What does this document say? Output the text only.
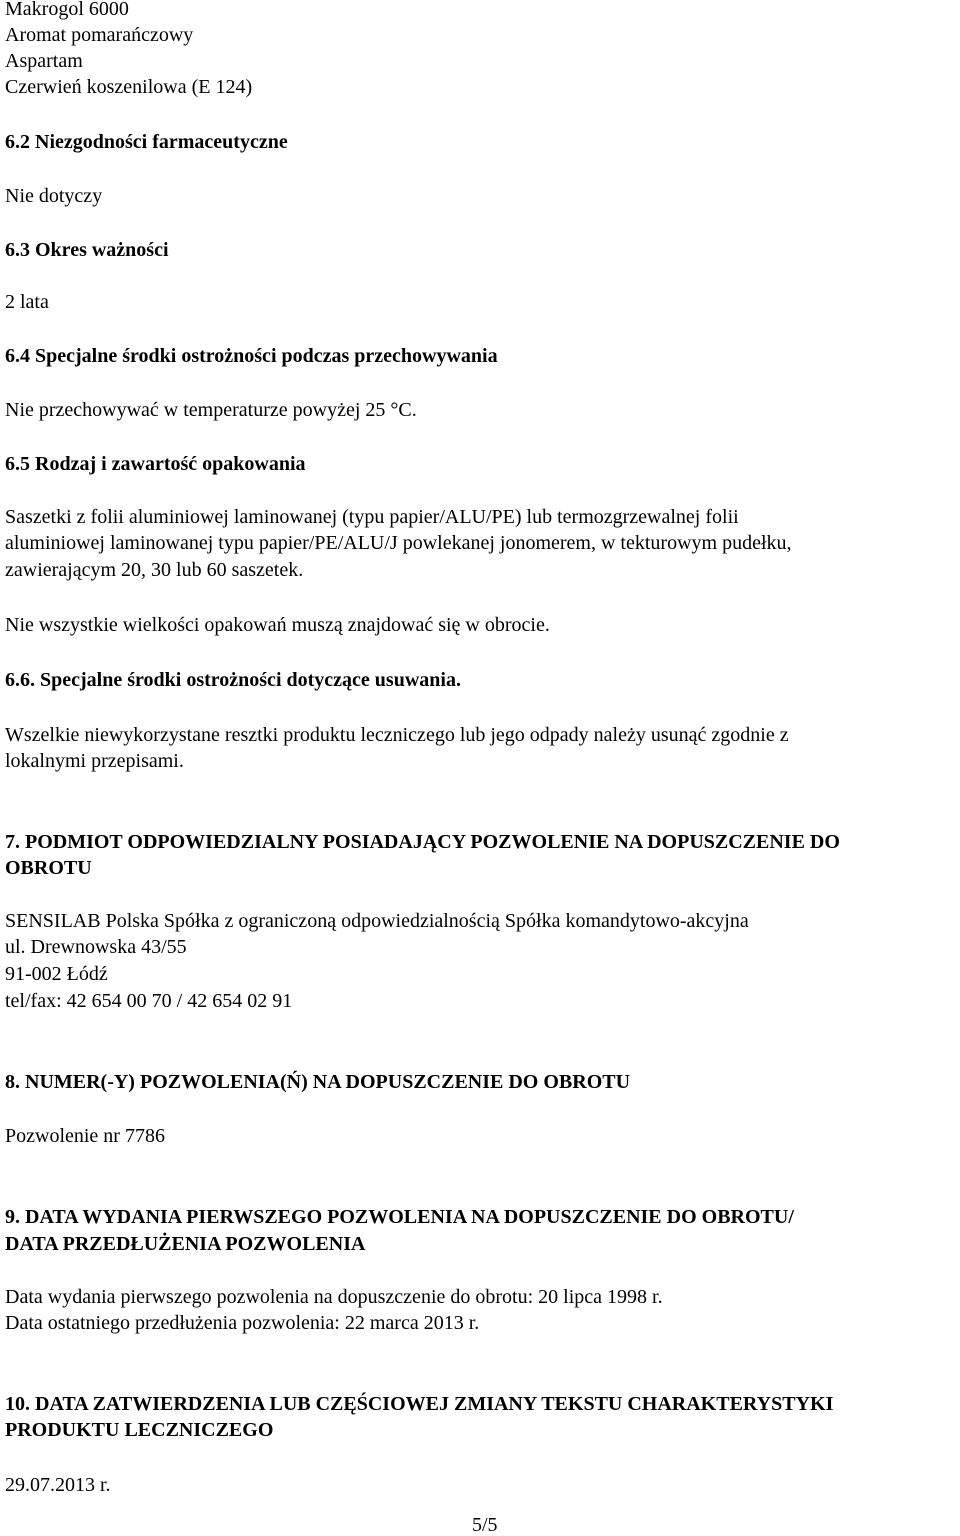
Makrogol 6000
Aromat pomarańczowy
Aspartam
Czerwień koszenilowa (E 124)
6.2 Niezgodności farmaceutyczne
Nie dotyczy
6.3 Okres ważności
2 lata
6.4 Specjalne środki ostrożności podczas przechowywania
Nie przechowywać w temperaturze powyżej 25 °C.
6.5 Rodzaj i zawartość opakowania
Saszetki z folii aluminiowej laminowanej (typu papier/ALU/PE) lub termozgrzewalnej folii
aluminiowej laminowanej typu papier/PE/ALU/J powlekanej jonomerem, w tekturowym pudełku,
zawierającym 20, 30 lub 60 saszetek.
Nie wszystkie wielkości opakowań muszą znajdować się w obrocie.
6.6. Specjalne środki ostrożności dotyczące usuwania.
Wszelkie niewykorzystane resztki produktu leczniczego lub jego odpady należy usunąć zgodnie z
lokalnymi przepisami.
7. PODMIOT ODPOWIEDZIALNY POSIADAJĄCY POZWOLENIE NA DOPUSZCZENIE DO
OBROTU
SENSILAB Polska Spółka z ograniczoną odpowiedzialnością Spółka komandytowo-akcyjna
ul. Drewnowska 43/55
91-002 Łódź
tel/fax: 42 654 00 70 / 42 654 02 91
8. NUMER(-Y) POZWOLENIA(Ń) NA DOPUSZCZENIE DO OBROTU
Pozwolenie nr 7786
9. DATA WYDANIA PIERWSZEGO POZWOLENIA NA DOPUSZCZENIE DO OBROTU/
DATA PRZEDŁUŻENIA POZWOLENIA
Data wydania pierwszego pozwolenia na dopuszczenie do obrotu: 20 lipca 1998 r.
Data ostatniego przedłużenia pozwolenia: 22 marca 2013 r.
10. DATA ZATWIERDZENIA LUB CZĘŚCIOWEJ ZMIANY TEKSTU CHARAKTERYSTYKI
PRODUKTU LECZNICZEGO
29.07.2013 r.
5/5
